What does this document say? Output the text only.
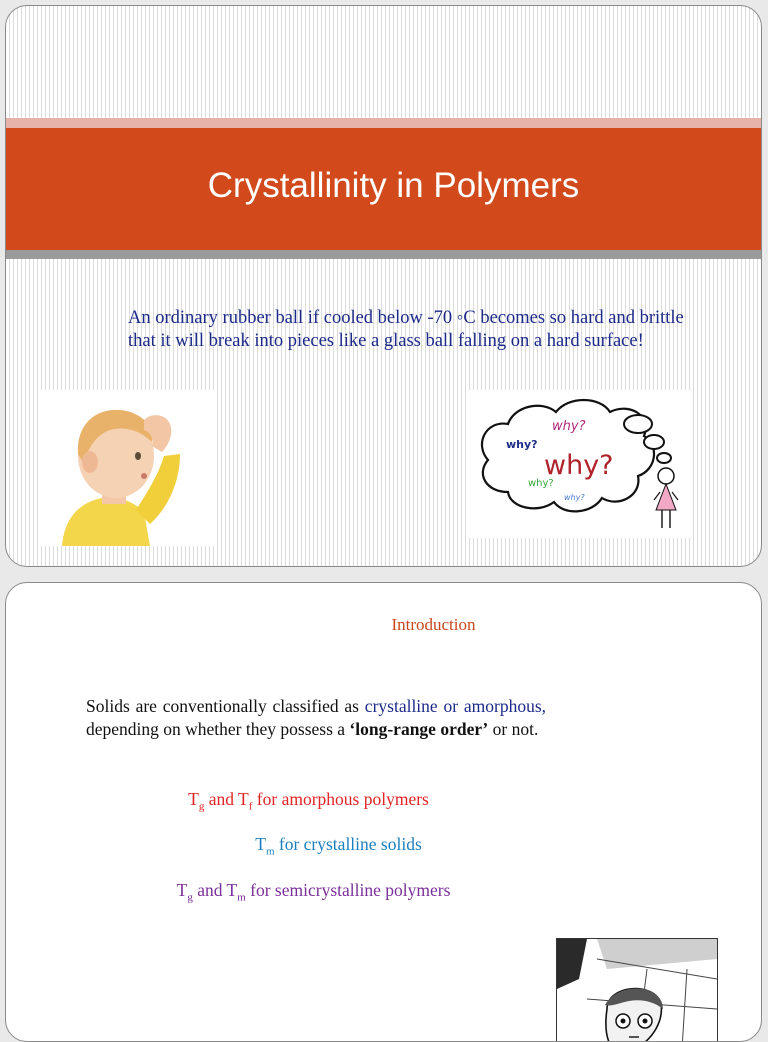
Crystallinity in Polymers
An ordinary rubber ball if cooled below -70 ◦C becomes so hard and brittle
that it will break into pieces like a glass ball falling on a hard surface!
why?
why?
why?
why?
why?
Introduction
Solids are conventionally classified as crystalline or amorphous, depending on whether they possess a ‘long-range order’ or not.
$T_g$ and $T_f$ for amorphous polymers
$T_m$ for crystalline solids
$T_g$ and $T_m$ for semicrystalline polymers
